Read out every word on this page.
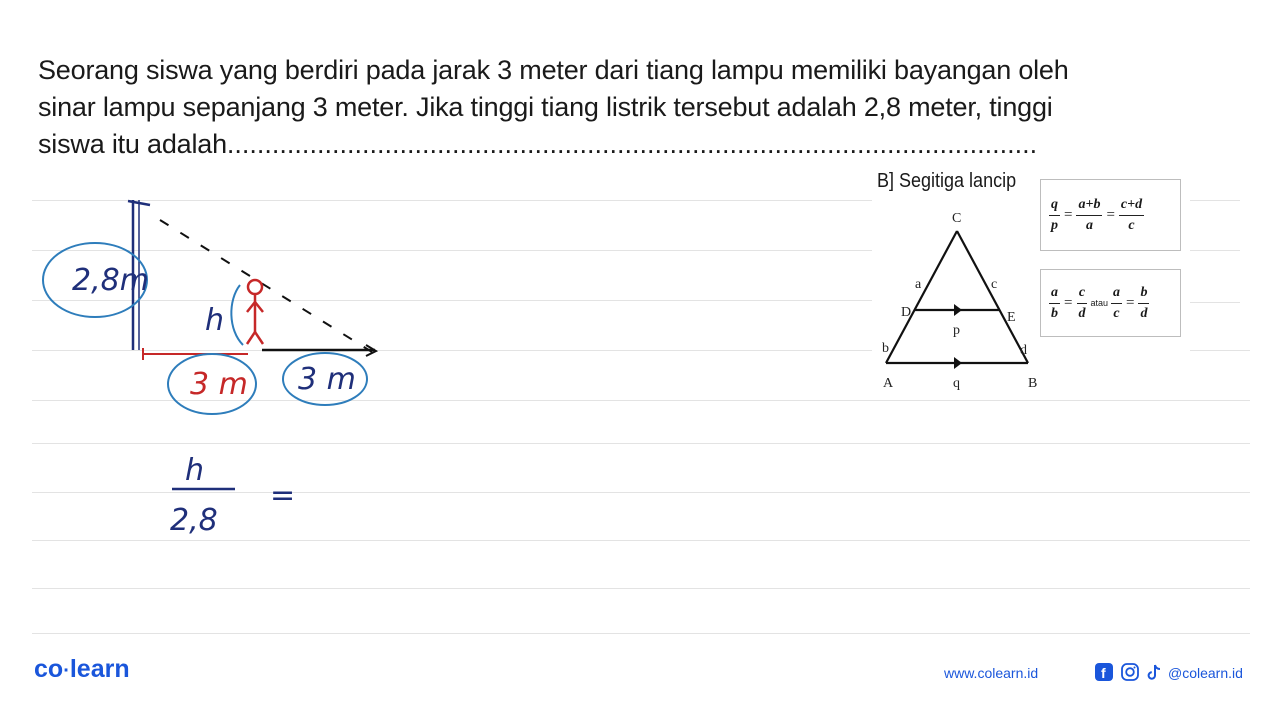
Seorang siswa yang berdiri pada jarak 3 meter dari tiang lampu memiliki bayangan oleh
sinar lampu sepanjang 3 meter. Jika tinggi tiang listrik tersebut adalah 2,8 meter, tinggi
siswa itu adalah............................................................................................................
2,8m
h
3 m 3 m
h
2,8
=
B] Segitiga lancip
C
D	E
A	B
a	c
b	d
p
q
$\frac{q}{p} = \frac{a+b}{a} = \frac{c+d}{c}$
$\frac{a}{b} = \frac{c}{d}$ atau $\frac{a}{c} = \frac{b}{d}$
co·learn	www.colearn.id	f	@colearn.id
